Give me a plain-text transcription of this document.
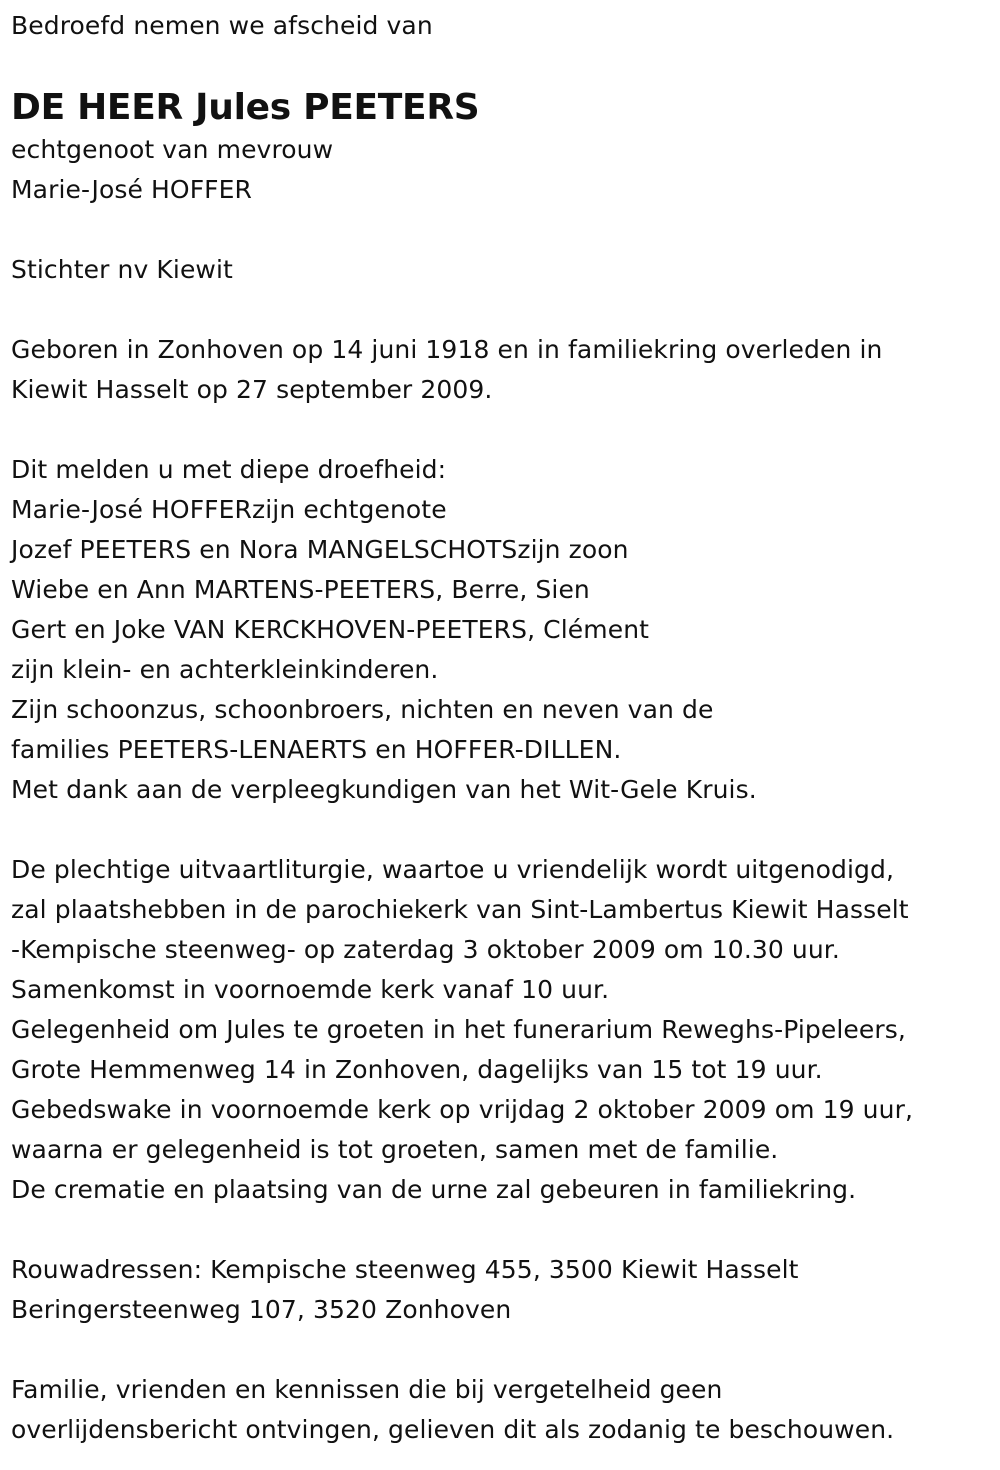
Bedroefd nemen we afscheid van
DE HEER Jules PEETERS
echtgenoot van mevrouw
Marie-José HOFFER
Stichter nv Kiewit
Geboren in Zonhoven op 14 juni 1918 en in familiekring overleden in
Kiewit Hasselt op 27 september 2009.
Dit melden u met diepe droefheid:
Marie-José HOFFERzijn echtgenote
Jozef PEETERS en Nora MANGELSCHOTSzijn zoon
Wiebe en Ann MARTENS-PEETERS, Berre, Sien
Gert en Joke VAN KERCKHOVEN-PEETERS, Clément
zijn klein- en achterkleinkinderen.
Zijn schoonzus, schoonbroers, nichten en neven van de
families PEETERS-LENAERTS en HOFFER-DILLEN.
Met dank aan de verpleegkundigen van het Wit-Gele Kruis.
De plechtige uitvaartliturgie, waartoe u vriendelijk wordt uitgenodigd,
zal plaatshebben in de parochiekerk van Sint-Lambertus Kiewit Hasselt
-Kempische steenweg- op zaterdag 3 oktober 2009 om 10.30 uur.
Samenkomst in voornoemde kerk vanaf 10 uur.
Gelegenheid om Jules te groeten in het funerarium Reweghs-Pipeleers,
Grote Hemmenweg 14 in Zonhoven, dagelijks van 15 tot 19 uur.
Gebedswake in voornoemde kerk op vrijdag 2 oktober 2009 om 19 uur,
waarna er gelegenheid is tot groeten, samen met de familie.
De crematie en plaatsing van de urne zal gebeuren in familiekring.
Rouwadressen: Kempische steenweg 455, 3500 Kiewit Hasselt
Beringersteenweg 107, 3520 Zonhoven
Familie, vrienden en kennissen die bij vergetelheid geen
overlijdensbericht ontvingen, gelieven dit als zodanig te beschouwen.
